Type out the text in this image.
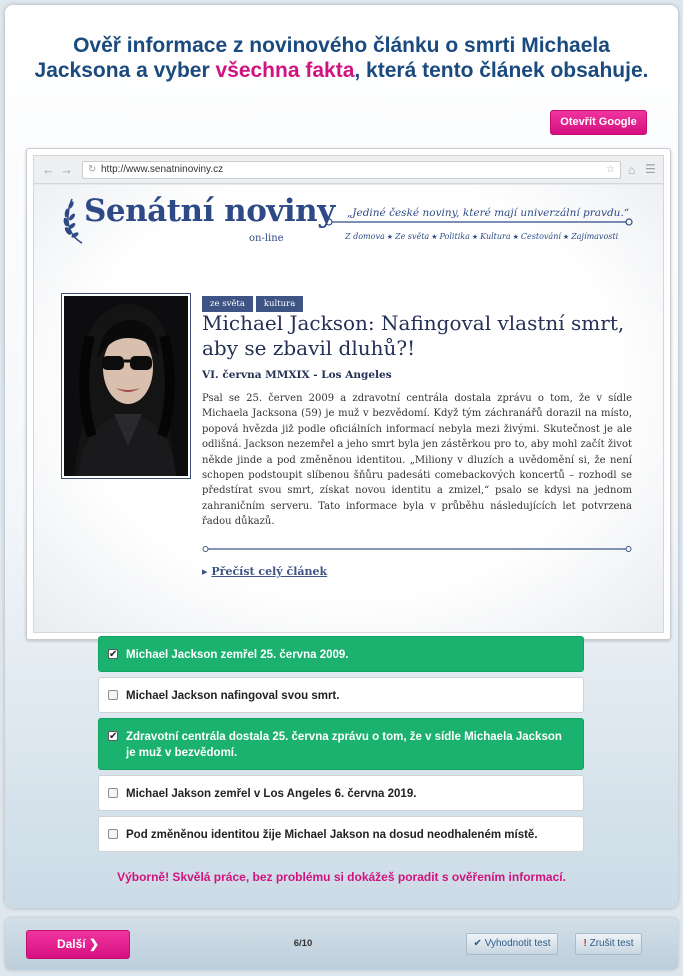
Ověř informace z novinového článku o smrti Michaela Jacksona a vyber všechna fakta, která tento článek obsahuje.
Otevřít Google
← → ↻ http://www.senatninoviny.cz	☆ ⌂ ☰
Senátní noviny
on-line
„Jediné české noviny, které mají univerzální pravdu.“
Z domova ★ Ze světa ★ Politika ★ Kultura ★ Cestování ★ Zajímavosti
ze světa kultura
Michael Jackson: Nafingoval vlastní smrt, aby se zbavil dluhů?!
VI. června MMXIX - Los Angeles
Psal se 25. červen 2009 a zdravotní centrála dostala zprávu o tom, že v sídle Michaela Jacksona (59) je muž v bezvědomí. Když tým záchranářů dorazil na místo, popová hvězda již podle oficiálních informací nebyla mezi živými. Skutečnost je ale odlišná. Jackson nezemřel a jeho smrt byla jen zástěrkou pro to, aby mohl začít život někde jinde a pod změněnou identitou. „Miliony v dluzích a uvědomění si, že není schopen podstoupit slíbenou šňůru padesáti comebackových koncertů – rozhodl se předstírat svou smrt, získat novou identitu a zmizel,“ psalo se kdysi na jednom zahraničním serveru. Tato informace byla v průběhu následujících let potvrzena řadou důkazů.
▸ Přečíst celý článek
✔ Michael Jackson zemřel 25. června 2009.
Michael Jackson nafingoval svou smrt.
✔ Zdravotní centrála dostala 25. června zprávu o tom, že v sídle Michaela Jackson je muž v bezvědomí.
Michael Jakson zemřel v Los Angeles 6. června 2019.
Pod změněnou identitou žije Michael Jakson na dosud neodhaleném místě.
Výborně! Skvělá práce, bez problému si dokážeš poradit s ověřením informací.
Další ❯	6/10	✔ Vyhodnotit test	! Zrušit test
